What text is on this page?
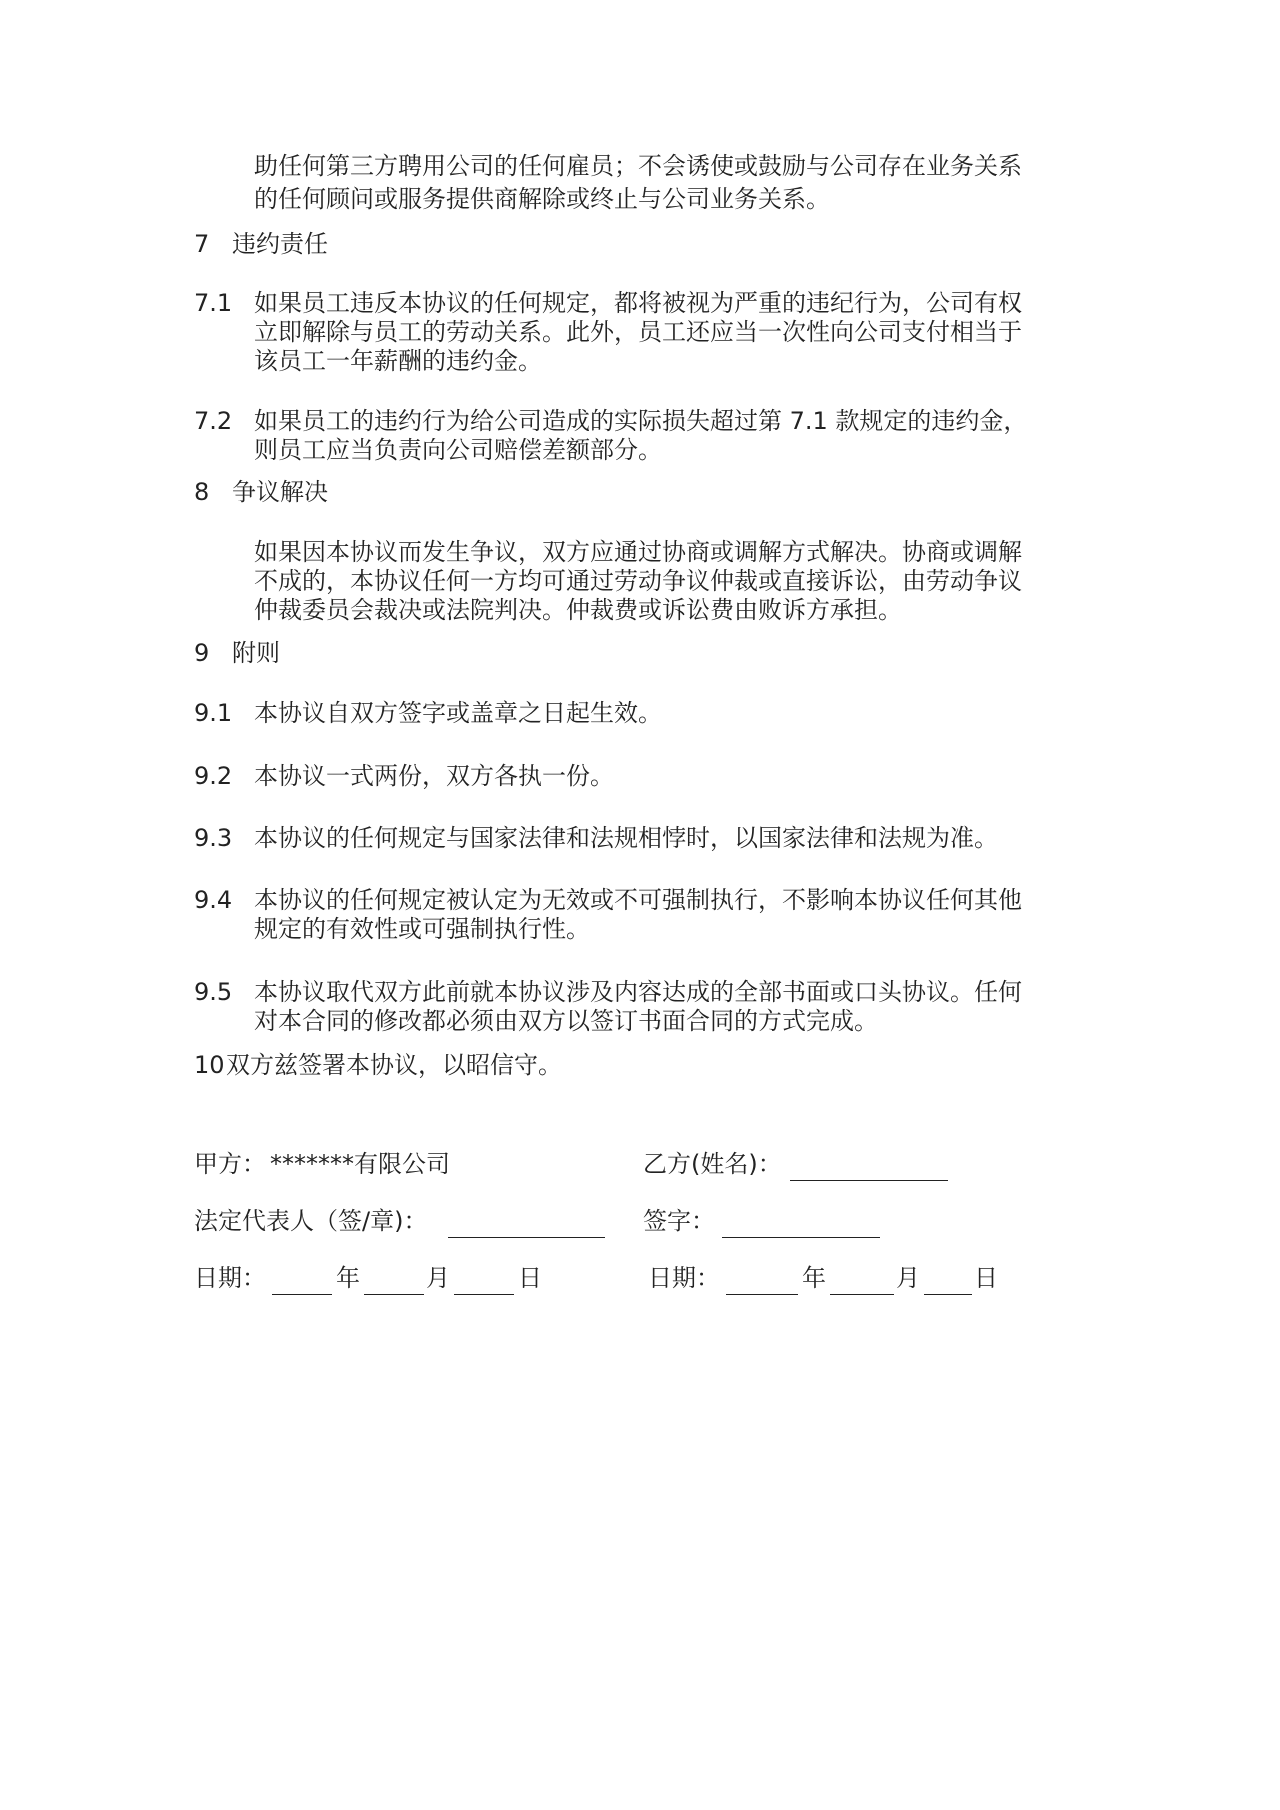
助任何第三方聘用公司的任何雇员；不会诱使或鼓励与公司存在业务关系
的任何顾问或服务提供商解除或终止与公司业务关系。
7 违约责任
7.1 如果员工违反本协议的任何规定，都将被视为严重的违纪行为，公司有权
立即解除与员工的劳动关系。此外，员工还应当一次性向公司支付相当于
该员工一年薪酬的违约金。
7.2 如果员工的违约行为给公司造成的实际损失超过第 7.1 款规定的违约金，
则员工应当负责向公司赔偿差额部分。
8 争议解决
如果因本协议而发生争议，双方应通过协商或调解方式解决。协商或调解
不成的，本协议任何一方均可通过劳动争议仲裁或直接诉讼，由劳动争议
仲裁委员会裁决或法院判决。仲裁费或诉讼费由败诉方承担。
9 附则
9.1 本协议自双方签字或盖章之日起生效。
9.2 本协议一式两份，双方各执一份。
9.3 本协议的任何规定与国家法律和法规相悖时，以国家法律和法规为准。
9.4 本协议的任何规定被认定为无效或不可强制执行，不影响本协议任何其他
规定的有效性或可强制执行性。
9.5 本协议取代双方此前就本协议涉及内容达成的全部书面或口头协议。任何
对本合同的修改都必须由双方以签订书面合同的方式完成。
10 双方兹签署本协议，以昭信守。
甲方： *******有限公司	乙方(姓名)：
法定代表人（签/章)：	签字：
日期：	年	月	日	日期：	年	月 日
